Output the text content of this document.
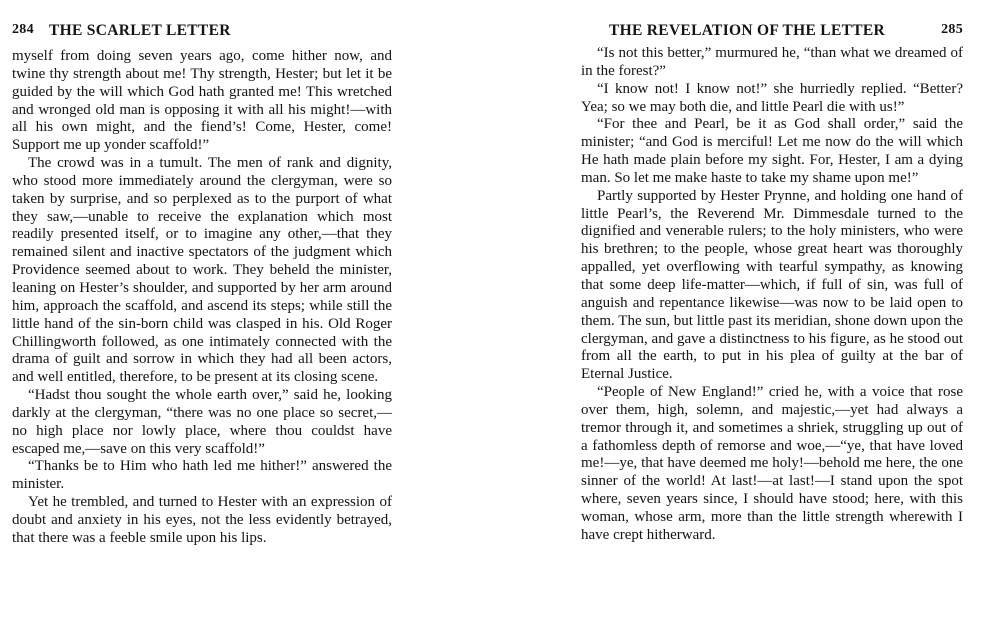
284 THE SCARLET LETTER

myself from doing seven years ago, come hither now, and twine thy strength about me! Thy strength, Hester; but let it be guided by the will which God hath granted me! This wretched and wronged old man is opposing it with all his might!—with all his own might, and the fiend’s! Come, Hester, come! Support me up yonder scaffold!”

The crowd was in a tumult. The men of rank and dignity, who stood more immediately around the clergyman, were so taken by surprise, and so perplexed as to the purport of what they saw,—unable to receive the explanation which most readily presented itself, or to imagine any other,—that they remained silent and inactive spectators of the judgment which Providence seemed about to work. They beheld the minister, leaning on Hester’s shoulder, and supported by her arm around him, approach the scaffold, and ascend its steps; while still the little hand of the sin-born child was clasped in his. Old Roger Chillingworth followed, as one intimately connected with the drama of guilt and sorrow in which they had all been actors, and well entitled, therefore, to be present at its closing scene.

“Hadst thou sought the whole earth over,” said he, looking darkly at the clergyman, “there was no one place so secret,—no high place nor lowly place, where thou couldst have escaped me,—save on this very scaffold!”

“Thanks be to Him who hath led me hither!” answered the minister.

Yet he trembled, and turned to Hester with an expression of doubt and anxiety in his eyes, not the less evidently betrayed, that there was a feeble smile upon his lips.

THE REVELATION OF THE LETTER	285

“Is not this better,” murmured he, “than what we dreamed of in the forest?”

“I know not! I know not!” she hurriedly replied. “Better? Yea; so we may both die, and little Pearl die with us!”

“For thee and Pearl, be it as God shall order,” said the minister; “and God is merciful! Let me now do the will which He hath made plain before my sight. For, Hester, I am a dying man. So let me make haste to take my shame upon me!”

Partly supported by Hester Prynne, and holding one hand of little Pearl’s, the Reverend Mr. Dimmesdale turned to the dignified and venerable rulers; to the holy ministers, who were his brethren; to the people, whose great heart was thoroughly appalled, yet overflowing with tearful sympathy, as knowing that some deep life-matter—which, if full of sin, was full of anguish and repentance likewise—was now to be laid open to them. The sun, but little past its meridian, shone down upon the clergyman, and gave a distinctness to his figure, as he stood out from all the earth, to put in his plea of guilty at the bar of Eternal Justice.

“People of New England!” cried he, with a voice that rose over them, high, solemn, and majestic,—yet had always a tremor through it, and sometimes a shriek, struggling up out of a fathomless depth of remorse and woe,—“ye, that have loved me!—ye, that have deemed me holy!—behold me here, the one sinner of the world! At last!—at last!—I stand upon the spot where, seven years since, I should have stood; here, with this woman, whose arm, more than the little strength wherewith I have crept hitherward.
